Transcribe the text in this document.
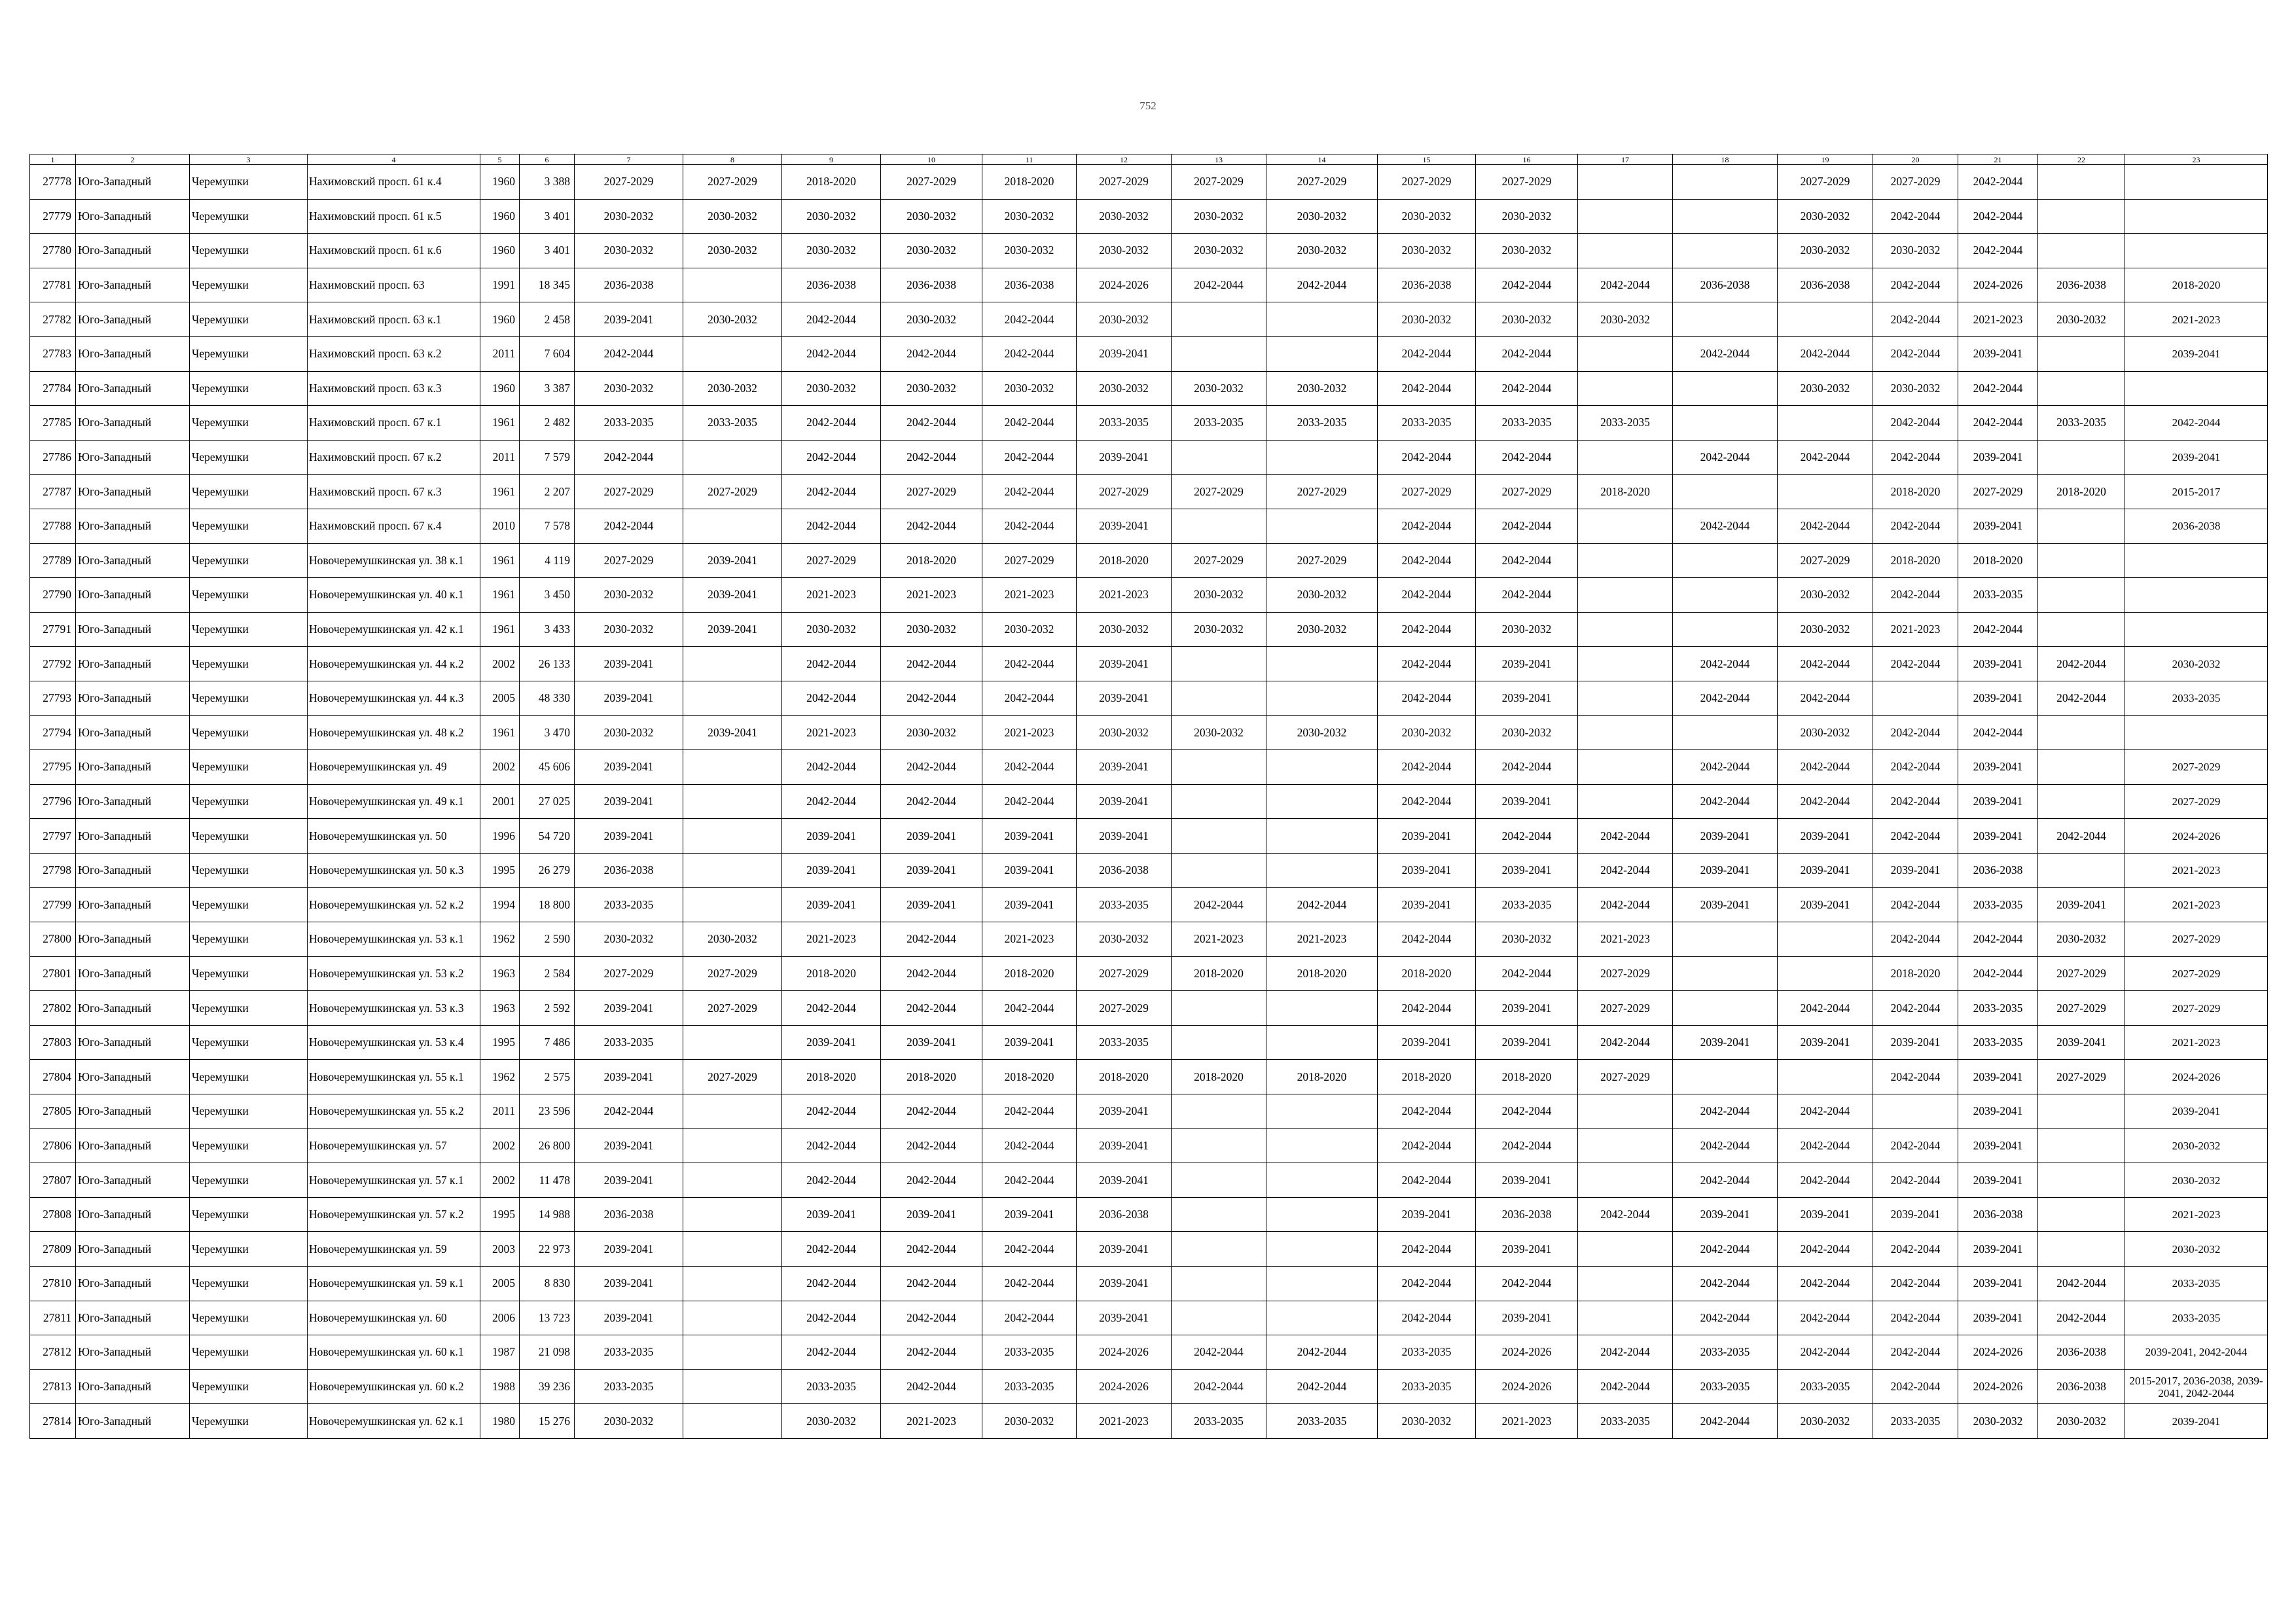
752
1	2	3	4	5	6	7	8	9	10	11	12	13	14	15	16	17	18	19	20	21	22	23
27778	Юго-Западный	Черемушки	Нахимовский просп. 61 к.4	1960	3 388	2027-2029	2027-2029	2018-2020	2027-2029	2018-2020	2027-2029	2027-2029	2027-2029	2027-2029	2027-2029			2027-2029	2027-2029	2042-2044		
27779	Юго-Западный	Черемушки	Нахимовский просп. 61 к.5	1960	3 401	2030-2032	2030-2032	2030-2032	2030-2032	2030-2032	2030-2032	2030-2032	2030-2032	2030-2032	2030-2032			2030-2032	2042-2044	2042-2044		
27780	Юго-Западный	Черемушки	Нахимовский просп. 61 к.6	1960	3 401	2030-2032	2030-2032	2030-2032	2030-2032	2030-2032	2030-2032	2030-2032	2030-2032	2030-2032	2030-2032			2030-2032	2030-2032	2042-2044		
27781	Юго-Западный	Черемушки	Нахимовский просп. 63	1991	18 345	2036-2038		2036-2038	2036-2038	2036-2038	2024-2026	2042-2044	2042-2044	2036-2038	2042-2044	2042-2044	2036-2038	2036-2038	2042-2044	2024-2026	2036-2038	2018-2020
27782	Юго-Западный	Черемушки	Нахимовский просп. 63 к.1	1960	2 458	2039-2041	2030-2032	2042-2044	2030-2032	2042-2044	2030-2032			2030-2032	2030-2032	2030-2032			2042-2044	2021-2023	2030-2032	2021-2023
27783	Юго-Западный	Черемушки	Нахимовский просп. 63 к.2	2011	7 604	2042-2044		2042-2044	2042-2044	2042-2044	2039-2041			2042-2044	2042-2044		2042-2044	2042-2044	2042-2044	2039-2041		2039-2041
27784	Юго-Западный	Черемушки	Нахимовский просп. 63 к.3	1960	3 387	2030-2032	2030-2032	2030-2032	2030-2032	2030-2032	2030-2032	2030-2032	2030-2032	2042-2044	2042-2044			2030-2032	2030-2032	2042-2044		
27785	Юго-Западный	Черемушки	Нахимовский просп. 67 к.1	1961	2 482	2033-2035	2033-2035	2042-2044	2042-2044	2042-2044	2033-2035	2033-2035	2033-2035	2033-2035	2033-2035	2033-2035			2042-2044	2042-2044	2033-2035	2042-2044
27786	Юго-Западный	Черемушки	Нахимовский просп. 67 к.2	2011	7 579	2042-2044		2042-2044	2042-2044	2042-2044	2039-2041			2042-2044	2042-2044		2042-2044	2042-2044	2042-2044	2039-2041		2039-2041
27787	Юго-Западный	Черемушки	Нахимовский просп. 67 к.3	1961	2 207	2027-2029	2027-2029	2042-2044	2027-2029	2042-2044	2027-2029	2027-2029	2027-2029	2027-2029	2027-2029	2018-2020			2018-2020	2027-2029	2018-2020	2015-2017
27788	Юго-Западный	Черемушки	Нахимовский просп. 67 к.4	2010	7 578	2042-2044		2042-2044	2042-2044	2042-2044	2039-2041			2042-2044	2042-2044		2042-2044	2042-2044	2042-2044	2039-2041		2036-2038
27789	Юго-Западный	Черемушки	Новочеремушкинская ул. 38 к.1	1961	4 119	2027-2029	2039-2041	2027-2029	2018-2020	2027-2029	2018-2020	2027-2029	2027-2029	2042-2044	2042-2044			2027-2029	2018-2020	2018-2020		
27790	Юго-Западный	Черемушки	Новочеремушкинская ул. 40 к.1	1961	3 450	2030-2032	2039-2041	2021-2023	2021-2023	2021-2023	2021-2023	2030-2032	2030-2032	2042-2044	2042-2044			2030-2032	2042-2044	2033-2035		
27791	Юго-Западный	Черемушки	Новочеремушкинская ул. 42 к.1	1961	3 433	2030-2032	2039-2041	2030-2032	2030-2032	2030-2032	2030-2032	2030-2032	2030-2032	2042-2044	2030-2032			2030-2032	2021-2023	2042-2044		
27792	Юго-Западный	Черемушки	Новочеремушкинская ул. 44 к.2	2002	26 133	2039-2041		2042-2044	2042-2044	2042-2044	2039-2041			2042-2044	2039-2041		2042-2044	2042-2044	2042-2044	2039-2041	2042-2044	2030-2032
27793	Юго-Западный	Черемушки	Новочеремушкинская ул. 44 к.3	2005	48 330	2039-2041		2042-2044	2042-2044	2042-2044	2039-2041			2042-2044	2039-2041		2042-2044	2042-2044		2039-2041	2042-2044	2033-2035
27794	Юго-Западный	Черемушки	Новочеремушкинская ул. 48 к.2	1961	3 470	2030-2032	2039-2041	2021-2023	2030-2032	2021-2023	2030-2032	2030-2032	2030-2032	2030-2032	2030-2032			2030-2032	2042-2044	2042-2044		
27795	Юго-Западный	Черемушки	Новочеремушкинская ул. 49	2002	45 606	2039-2041		2042-2044	2042-2044	2042-2044	2039-2041			2042-2044	2042-2044		2042-2044	2042-2044	2042-2044	2039-2041		2027-2029
27796	Юго-Западный	Черемушки	Новочеремушкинская ул. 49 к.1	2001	27 025	2039-2041		2042-2044	2042-2044	2042-2044	2039-2041			2042-2044	2039-2041		2042-2044	2042-2044	2042-2044	2039-2041		2027-2029
27797	Юго-Западный	Черемушки	Новочеремушкинская ул. 50	1996	54 720	2039-2041		2039-2041	2039-2041	2039-2041	2039-2041			2039-2041	2042-2044	2042-2044	2039-2041	2039-2041	2042-2044	2039-2041	2042-2044	2024-2026
27798	Юго-Западный	Черемушки	Новочеремушкинская ул. 50 к.3	1995	26 279	2036-2038		2039-2041	2039-2041	2039-2041	2036-2038			2039-2041	2039-2041	2042-2044	2039-2041	2039-2041	2039-2041	2036-2038		2021-2023
27799	Юго-Западный	Черемушки	Новочеремушкинская ул. 52 к.2	1994	18 800	2033-2035		2039-2041	2039-2041	2039-2041	2033-2035	2042-2044	2042-2044	2039-2041	2033-2035	2042-2044	2039-2041	2039-2041	2042-2044	2033-2035	2039-2041	2021-2023
27800	Юго-Западный	Черемушки	Новочеремушкинская ул. 53 к.1	1962	2 590	2030-2032	2030-2032	2021-2023	2042-2044	2021-2023	2030-2032	2021-2023	2021-2023	2042-2044	2030-2032	2021-2023			2042-2044	2042-2044	2030-2032	2027-2029
27801	Юго-Западный	Черемушки	Новочеремушкинская ул. 53 к.2	1963	2 584	2027-2029	2027-2029	2018-2020	2042-2044	2018-2020	2027-2029	2018-2020	2018-2020	2018-2020	2042-2044	2027-2029			2018-2020	2042-2044	2027-2029	2027-2029
27802	Юго-Западный	Черемушки	Новочеремушкинская ул. 53 к.3	1963	2 592	2039-2041	2027-2029	2042-2044	2042-2044	2042-2044	2027-2029			2042-2044	2039-2041	2027-2029		2042-2044	2042-2044	2033-2035	2027-2029	2027-2029
27803	Юго-Западный	Черемушки	Новочеремушкинская ул. 53 к.4	1995	7 486	2033-2035		2039-2041	2039-2041	2039-2041	2033-2035			2039-2041	2039-2041	2042-2044	2039-2041	2039-2041	2039-2041	2033-2035	2039-2041	2021-2023
27804	Юго-Западный	Черемушки	Новочеремушкинская ул. 55 к.1	1962	2 575	2039-2041	2027-2029	2018-2020	2018-2020	2018-2020	2018-2020	2018-2020	2018-2020	2018-2020	2018-2020	2027-2029			2042-2044	2039-2041	2027-2029	2024-2026
27805	Юго-Западный	Черемушки	Новочеремушкинская ул. 55 к.2	2011	23 596	2042-2044		2042-2044	2042-2044	2042-2044	2039-2041			2042-2044	2042-2044		2042-2044	2042-2044		2039-2041		2039-2041
27806	Юго-Западный	Черемушки	Новочеремушкинская ул. 57	2002	26 800	2039-2041		2042-2044	2042-2044	2042-2044	2039-2041			2042-2044	2042-2044		2042-2044	2042-2044	2042-2044	2039-2041		2030-2032
27807	Юго-Западный	Черемушки	Новочеремушкинская ул. 57 к.1	2002	11 478	2039-2041		2042-2044	2042-2044	2042-2044	2039-2041			2042-2044	2039-2041		2042-2044	2042-2044	2042-2044	2039-2041		2030-2032
27808	Юго-Западный	Черемушки	Новочеремушкинская ул. 57 к.2	1995	14 988	2036-2038		2039-2041	2039-2041	2039-2041	2036-2038			2039-2041	2036-2038	2042-2044	2039-2041	2039-2041	2039-2041	2036-2038		2021-2023
27809	Юго-Западный	Черемушки	Новочеремушкинская ул. 59	2003	22 973	2039-2041		2042-2044	2042-2044	2042-2044	2039-2041			2042-2044	2039-2041		2042-2044	2042-2044	2042-2044	2039-2041		2030-2032
27810	Юго-Западный	Черемушки	Новочеремушкинская ул. 59 к.1	2005	8 830	2039-2041		2042-2044	2042-2044	2042-2044	2039-2041			2042-2044	2042-2044		2042-2044	2042-2044	2042-2044	2039-2041	2042-2044	2033-2035
27811	Юго-Западный	Черемушки	Новочеремушкинская ул. 60	2006	13 723	2039-2041		2042-2044	2042-2044	2042-2044	2039-2041			2042-2044	2039-2041		2042-2044	2042-2044	2042-2044	2039-2041	2042-2044	2033-2035
27812	Юго-Западный	Черемушки	Новочеремушкинская ул. 60 к.1	1987	21 098	2033-2035		2042-2044	2042-2044	2033-2035	2024-2026	2042-2044	2042-2044	2033-2035	2024-2026	2042-2044	2033-2035	2042-2044	2042-2044	2024-2026	2036-2038	2039-2041, 2042-2044
27813	Юго-Западный	Черемушки	Новочеремушкинская ул. 60 к.2	1988	39 236	2033-2035		2033-2035	2042-2044	2033-2035	2024-2026	2042-2044	2042-2044	2033-2035	2024-2026	2042-2044	2033-2035	2033-2035	2042-2044	2024-2026	2036-2038	2015-2017, 2036-2038, 2039-2041, 2042-2044
27814	Юго-Западный	Черемушки	Новочеремушкинская ул. 62 к.1	1980	15 276	2030-2032		2030-2032	2021-2023	2030-2032	2021-2023	2033-2035	2033-2035	2030-2032	2021-2023	2033-2035	2042-2044	2030-2032	2033-2035	2030-2032	2030-2032	2039-2041
